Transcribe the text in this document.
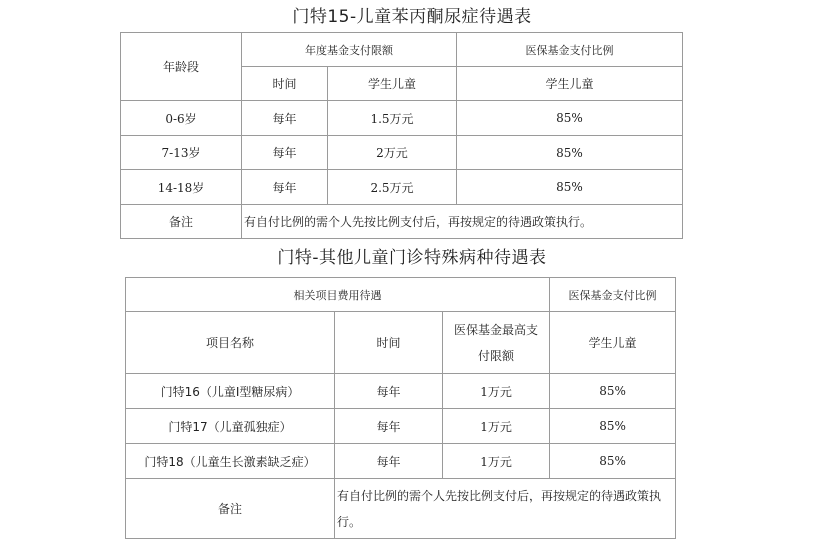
门特15-儿童苯丙酮尿症待遇表
年龄段	年度基金支付限额		医保基金支付比例
	时间	学生儿童	学生儿童
0-6岁	每年	1.5万元	85%
7-13岁	每年	2万元	85%
14-18岁	每年	2.5万元	85%
备注	有自付比例的需个人先按比例支付后，再按规定的待遇政策执行。		
门特-其他儿童门诊特殊病种待遇表
相关项目费用待遇			医保基金支付比例
项目名称	时间	医保基金最高支付限额	学生儿童
门特16（儿童Ⅰ型糖尿病）	每年	1万元	85%
门特17（儿童孤独症）	每年	1万元	85%
门特18（儿童生长激素缺乏症）	每年	1万元	85%
备注	有自付比例的需个人先按比例支付后，再按规定的待遇政策执行。		
